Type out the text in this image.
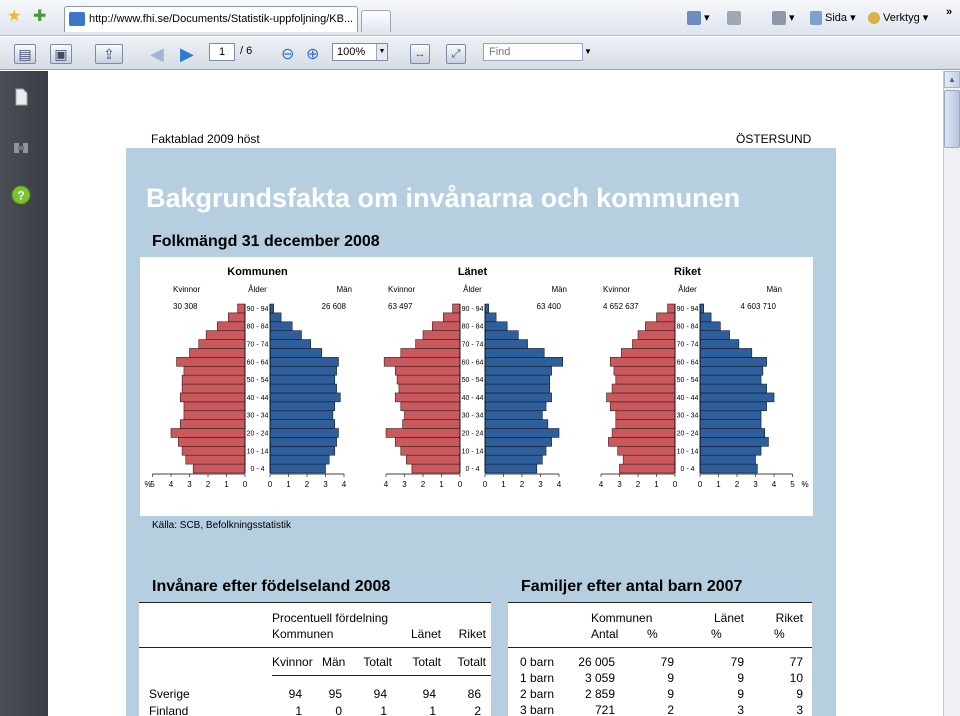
★ ✚	http://www.fhi.se/Documents/Statistik-uppfoljning/KB...	▾	▾	Sida ▾	Verktyg ▾ »
▤ ▣	⇪ ◀ ▶	⊖ ⊕	↔ ⤢
1
/ 6	100%	▼
Find	▼
?
Faktablad 2009 höst	ÖSTERSUND
Bakgrundsfakta om invånarna och kommunen
Folkmängd 31 december 2008
Kommunen
Kvinnor	Ålder	Män
30 308	26 608
0 - 4
10 - 14
20 - 24
30 - 34
40 - 44
50 - 54
60 - 64
70 - 74
80 - 84
90 - 94
5 4 3 2 1 0	0 1 2 3 4
Länet
Kvinnor	Ålder	Män
63 497	63 400
0 - 4
10 - 14
20 - 24
30 - 34
40 - 44
50 - 54
60 - 64
70 - 74
80 - 84
90 - 94
4 3 2 1 0	0 1 2 3 4
Riket
Kvinnor	Ålder	Män
4 652 637	4 603 710
0 - 4
10 - 14
20 - 24
30 - 34
40 - 44
50 - 54
60 - 64
70 - 74
80 - 84
90 - 94
4 3 2 1 0	0 1 2 3 4 5
%	%
Källa: SCB, Befolkningsstatistik
Invånare efter födelseland 2008	Familjer efter antal barn 2007
Procentuell fördelning
Kommunen	Länet	Riket
Kvinnor Män	Totalt	Totalt	Totalt
Sverige	94	95	94	94	86
Finland	1	0	1	1	2
Kommunen	Länet	Riket
Antal %	%	%
0 barn	26 005	79	79	77
1 barn	3 059	9	9	10
2 barn	2 859	9	9	9
3 barn	721	2	3	3
▲
